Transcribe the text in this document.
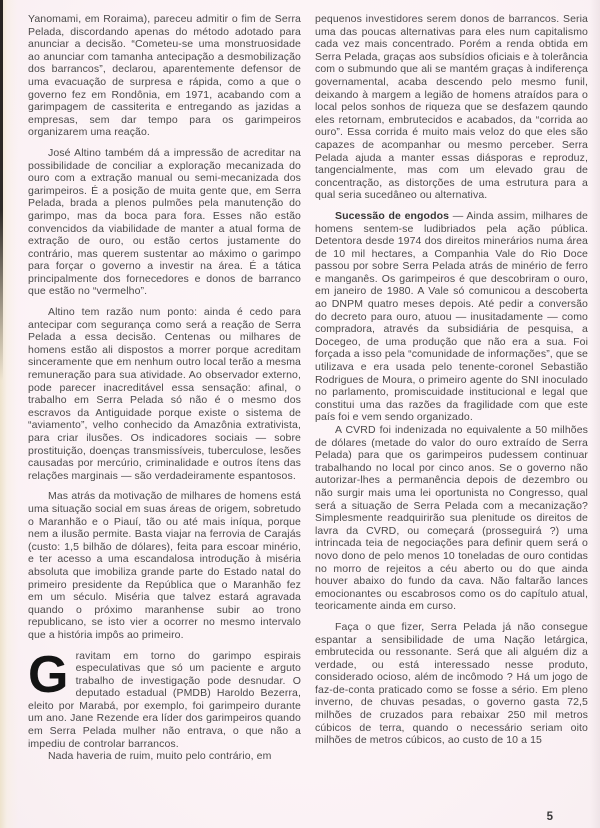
Yanomami, em Roraima), pareceu admitir o fim de Serra Pelada, discordando apenas do método adotado para anunciar a decisão. “Cometeu-se uma monstruosidade ao anunciar com tamanha antecipação a desmobilização dos barrancos”, declarou, aparentemente defensor de uma evacuação de surpresa e rápida, como a que o governo fez em Rondônia, em 1971, acabando com a garimpagem de cassiterita e entregando as jazidas a empresas, sem dar tempo para os garimpeiros organizarem uma reação.

José Altino também dá a impressão de acreditar na possibilidade de conciliar a exploração mecanizada do ouro com a extração manual ou semi-mecanizada dos garimpeiros. É a posição de muita gente que, em Serra Pelada, brada a plenos pulmões pela manutenção do garimpo, mas da boca para fora. Esses não estão convencidos da viabilidade de manter a atual forma de extração de ouro, ou estão certos justamente do contrário, mas querem sustentar ao máximo o garimpo para forçar o governo a investir na área. É a tática principalmente dos fornecedores e donos de barranco que estão no “vermelho”.

Altino tem razão num ponto: ainda é cedo para antecipar com segurança como será a reação de Serra Pelada a essa decisão. Centenas ou milhares de homens estão ali dispostos a morrer porque acreditam sinceramente que em nenhum outro local terão a mesma remuneração para sua atividade. Ao observador externo, pode parecer inacreditável essa sensação: afinal, o trabalho em Serra Pelada só não é o mesmo dos escravos da Antiguidade porque existe o sistema de “aviamento”, velho conhecido da Amazônia extrativista, para criar ilusões. Os indicadores sociais — sobre prostituição, doenças transmissíveis, tuberculose, lesões causadas por mercúrio, criminalidade e outros ítens das relações marginais — são verdadeiramente espantosos.

Mas atrás da motivação de milhares de homens está uma situação social em suas áreas de origem, sobretudo o Maranhão e o Piauí, tão ou até mais iníqua, porque nem a ilusão permite. Basta viajar na ferrovia de Carajás (custo: 1,5 bilhão de dólares), feita para escoar minério, e ter acesso a uma escandalosa introdução à miséria absoluta que imobiliza grande parte do Estado natal do primeiro presidente da República que o Maranhão fez em um século. Miséria que talvez estará agravada quando o próximo maranhense subir ao trono republicano, se isto vier a ocorrer no mesmo intervalo que a história impôs ao primeiro.

Gravitam em torno do garimpo espirais especulativas que só um paciente e arguto trabalho de investigação pode desnudar. O deputado estadual (PMDB) Haroldo Bezerra, eleito por Marabá, por exemplo, foi garimpeiro durante um ano. Jane Rezende era líder dos garimpeiros quando em Serra Pelada mulher não entrava, o que não a impediu de controlar barrancos.

Nada haveria de ruim, muito pelo contrário, em

pequenos investidores serem donos de barrancos. Seria uma das poucas alternativas para eles num capitalismo cada vez mais concentrado. Porém a renda obtida em Serra Pelada, graças aos subsídios oficiais e à tolerância com o submundo que ali se mantém graças à indiferença governamental, acaba descendo pelo mesmo funil, deixando à margem a legião de homens atraídos para o local pelos sonhos de riqueza que se desfazem qaundo eles retornam, embrutecidos e acabados, da “corrida ao ouro”. Essa corrida é muito mais veloz do que eles são capazes de acompanhar ou mesmo perceber. Serra Pelada ajuda a manter essas diásporas e reproduz, tangencialmente, mas com um elevado grau de concentração, as distorções de uma estrutura para a qual seria sucedâneo ou alternativa.

Sucessão de engodos — Ainda assim, milhares de homens sentem-se ludibriados pela ação pública. Detentora desde 1974 dos direitos minerários numa área de 10 mil hectares, a Companhia Vale do Rio Doce passou por sobre Serra Pelada atrás de minério de ferro e manganês. Os garimpeiros é que descobriram o ouro, em janeiro de 1980. A Vale só comunicou a descoberta ao DNPM quatro meses depois. Até pedir a conversão do decreto para ouro, atuou — inusitadamente — como compradora, através da subsidiária de pesquisa, a Docegeo, de uma produção que não era a sua. Foi forçada a isso pela “comunidade de informações”, que se utilizava e era usada pelo tenente-coronel Sebastião Rodrigues de Moura, o primeiro agente do SNI inoculado no parlamento, promiscuidade institucional e legal que constitui uma das razões da fragilidade com que este país foi e vem sendo organizado.

A CVRD foi indenizada no equivalente a 50 milhões de dólares (metade do valor do ouro extraído de Serra Pelada) para que os garimpeiros pudessem continuar trabalhando no local por cinco anos. Se o governo não autorizar-lhes a permanência depois de dezembro ou não surgir mais uma lei oportunista no Congresso, qual será a situação de Serra Pelada com a mecanização? Simplesmente readquirirão sua plenitude os direitos de lavra da CVRD, ou começará (prosseguirá ?) uma intrincada teia de negociações para definir quem será o novo dono de pelo menos 10 toneladas de ouro contidas no morro de rejeitos a céu aberto ou do que ainda houver abaixo do fundo da cava. Não faltarão lances emocionantes ou escabrosos como os do capítulo atual, teoricamente ainda em curso.

Faça o que fizer, Serra Pelada já não consegue espantar a sensibilidade de uma Nação letárgica, embrutecida ou ressonante. Será que ali alguém diz a verdade, ou está interessado nesse produto, considerado ocioso, além de incômodo ? Há um jogo de faz-de-conta praticado como se fosse a sério. Em pleno inverno, de chuvas pesadas, o governo gasta 72,5 milhões de cruzados para rebaixar 250 mil metros cúbicos de terra, quando o necessário seriam oito milhões de metros cúbicos, ao custo de 10 a 15

5
